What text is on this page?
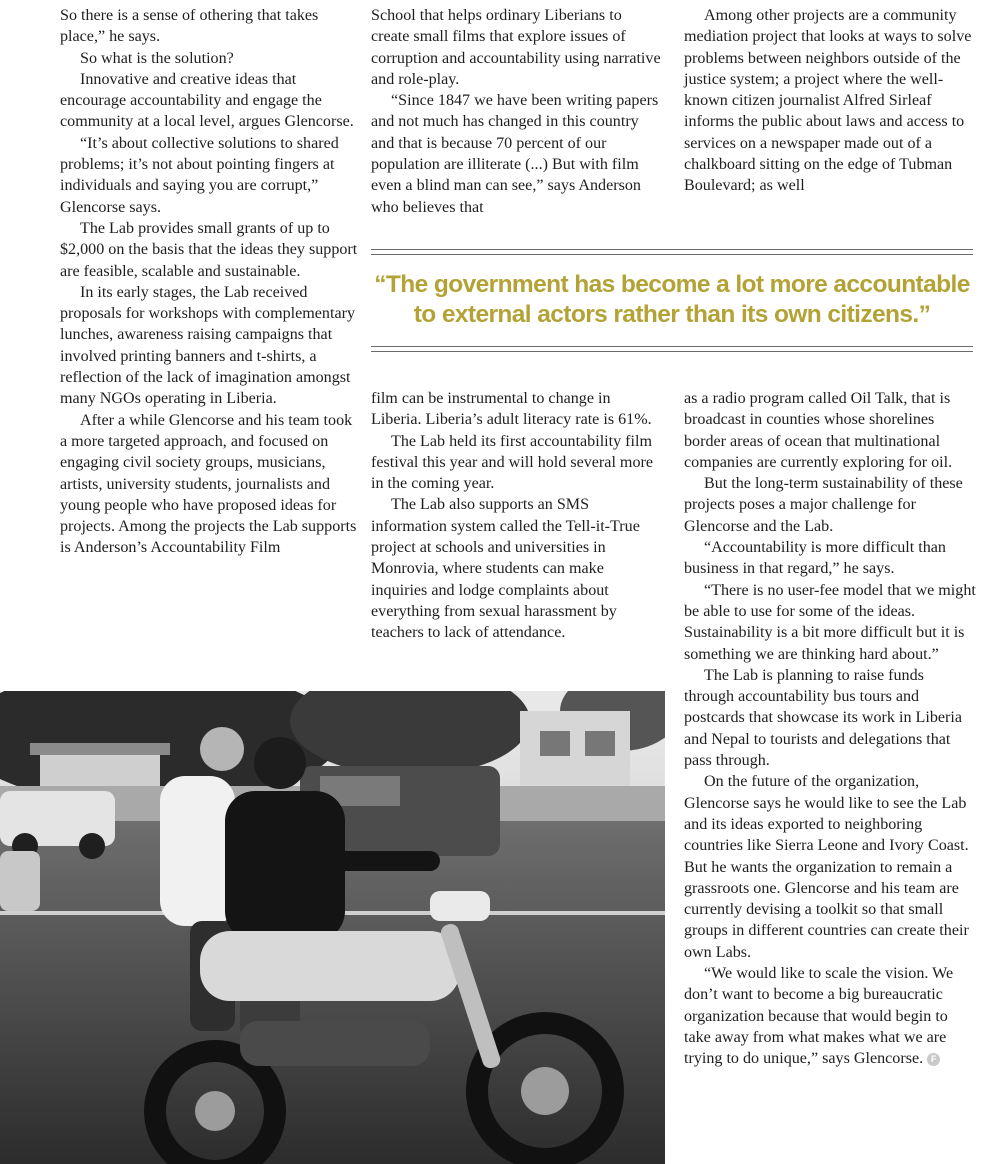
So there is a sense of othering that takes place,” he says.

So what is the solution?

Innovative and creative ideas that encourage accountability and engage the community at a local level, argues Glencorse.

“It’s about collective solutions to shared problems; it’s not about pointing fingers at individuals and saying you are corrupt,” Glencorse says.

The Lab provides small grants of up to $2,000 on the basis that the ideas they support are feasible, scalable and sustainable.

In its early stages, the Lab received proposals for workshops with complementary lunches, awareness raising campaigns that involved printing banners and t-shirts, a reflection of the lack of imagination amongst many NGOs operating in Liberia.

After a while Glencorse and his team took a more targeted approach, and focused on engaging civil society groups, musicians, artists, university students, journalists and young people who have proposed ideas for projects. Among the projects the Lab supports is Anderson’s Accountability Film

School that helps ordinary Liberians to create small films that explore issues of corruption and accountability using narrative and role-play.

“Since 1847 we have been writing papers and not much has changed in this country and that is because 70 percent of our population are illiterate (...) But with film even a blind man can see,” says Anderson who believes that

Among other projects are a community mediation project that looks at ways to solve problems between neighbors outside of the justice system; a project where the well-known citizen journalist Alfred Sirleaf informs the public about laws and access to services on a newspaper made out of a chalkboard sitting on the edge of Tubman Boulevard; as well

“The government has become a lot more accountable
to external actors rather than its own citizens.”

film can be instrumental to change in Liberia. Liberia’s adult literacy rate is 61%.

The Lab held its first accountability film festival this year and will hold several more in the coming year.

The Lab also supports an SMS information system called the Tell-it-True project at schools and universities in Monrovia, where students can make inquiries and lodge complaints about everything from sexual harassment by teachers to lack of attendance.

as a radio program called Oil Talk, that is broadcast in counties whose shorelines border areas of ocean that multinational companies are currently exploring for oil.

But the long-term sustainability of these projects poses a major challenge for Glencorse and the Lab.

“Accountability is more difficult than business in that regard,” he says.

“There is no user-fee model that we might be able to use for some of the ideas. Sustainability is a bit more difficult but it is something we are thinking hard about.”

The Lab is planning to raise funds through accountability bus tours and postcards that showcase its work in Liberia and Nepal to tourists and delegations that pass through.

On the future of the organization, Glencorse says he would like to see the Lab and its ideas exported to neighboring countries like Sierra Leone and Ivory Coast. But he wants the organization to remain a grassroots one. Glencorse and his team are currently devising a toolkit so that small groups in different countries can create their own Labs.

“We would like to scale the vision. We don’t want to become a big bureaucratic organization because that would begin to take away from what makes what we are trying to do unique,” says Glencorse. F
